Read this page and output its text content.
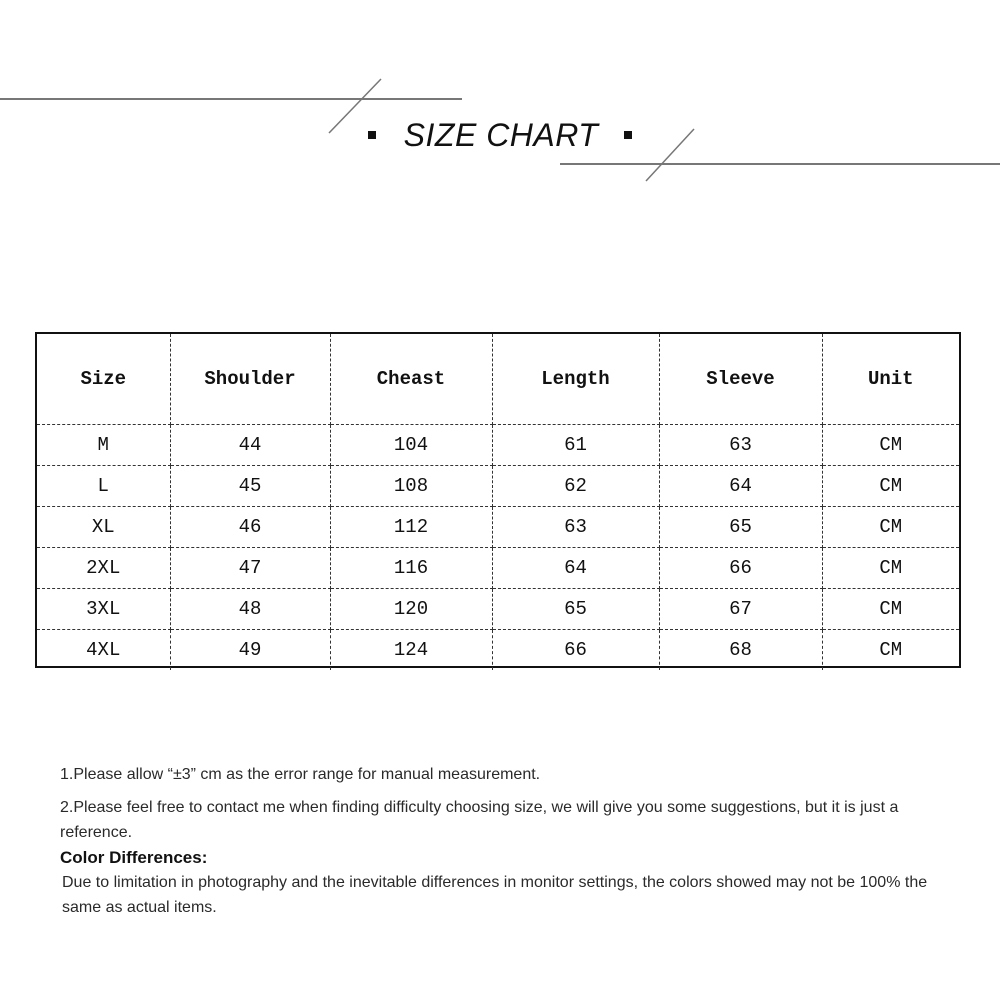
SIZE CHART
Size	Shoulder	Cheast	Length	Sleeve	Unit
M	44	104	61	63	CM
L	45	108	62	64	CM
XL	46	112	63	65	CM
2XL	47	116	64	66	CM
3XL	48	120	65	67	CM
4XL	49	124	66	68	CM

1.Please allow “±3” cm as the error range for manual measurement.

2.Please feel free to contact me when finding difficulty choosing size, we will give you some suggestions, but it is just a reference.

Color Differences:

Due to limitation in photography and the inevitable differences in monitor settings, the colors showed may not be 100% the same as actual items.
